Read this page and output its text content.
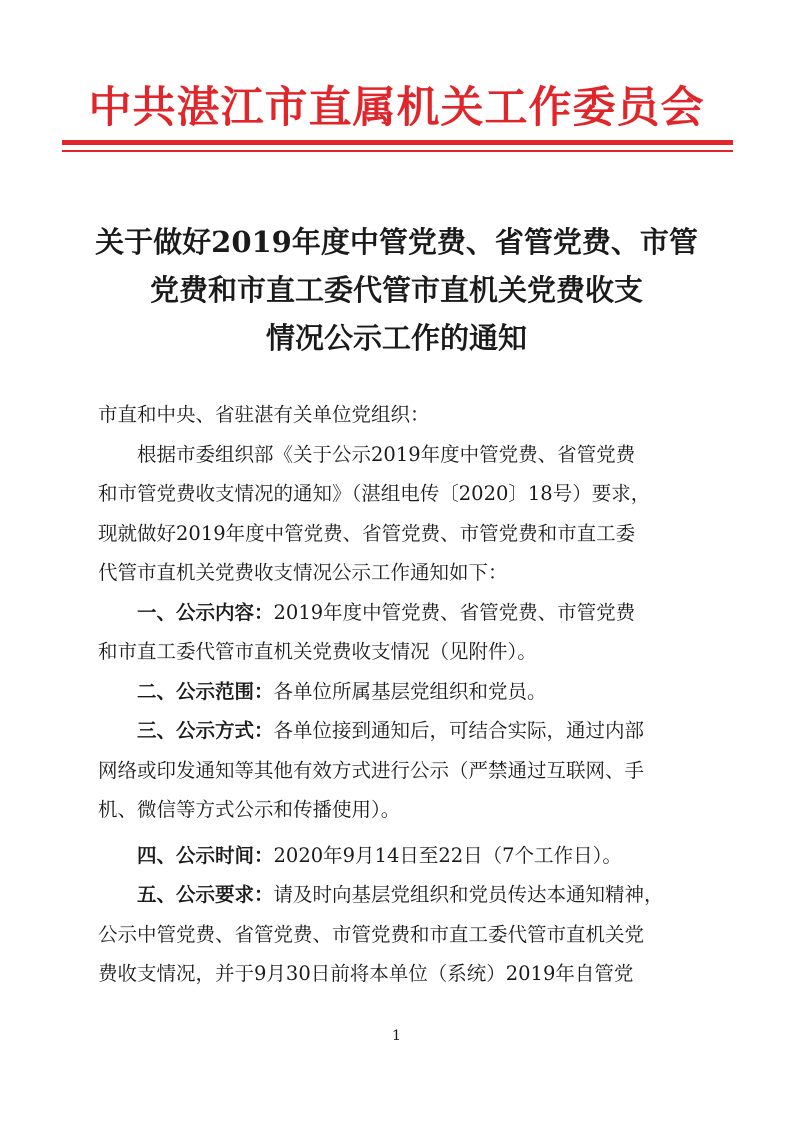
中共湛江市直属机关工作委员会
关于做好2019年度中管党费、省管党费、市管
党费和市直工委代管市直机关党费收支
情况公示工作的通知
市直和中央、省驻湛有关单位党组织：
根据市委组织部《关于公示2019年度中管党费、省管党费
和市管党费收支情况的通知》（湛组电传〔2020〕18号）要求，
现就做好2019年度中管党费、省管党费、市管党费和市直工委
代管市直机关党费收支情况公示工作通知如下：
一、公示内容：2019年度中管党费、省管党费、市管党费
和市直工委代管市直机关党费收支情况（见附件）。
二、公示范围：各单位所属基层党组织和党员。
三、公示方式：各单位接到通知后，可结合实际，通过内部
网络或印发通知等其他有效方式进行公示（严禁通过互联网、手
机、微信等方式公示和传播使用）。
四、公示时间：2020年9月14日至22日（7个工作日）。
五、公示要求：请及时向基层党组织和党员传达本通知精神，
公示中管党费、省管党费、市管党费和市直工委代管市直机关党
费收支情况，并于9月30日前将本单位（系统）2019年自管党
1
